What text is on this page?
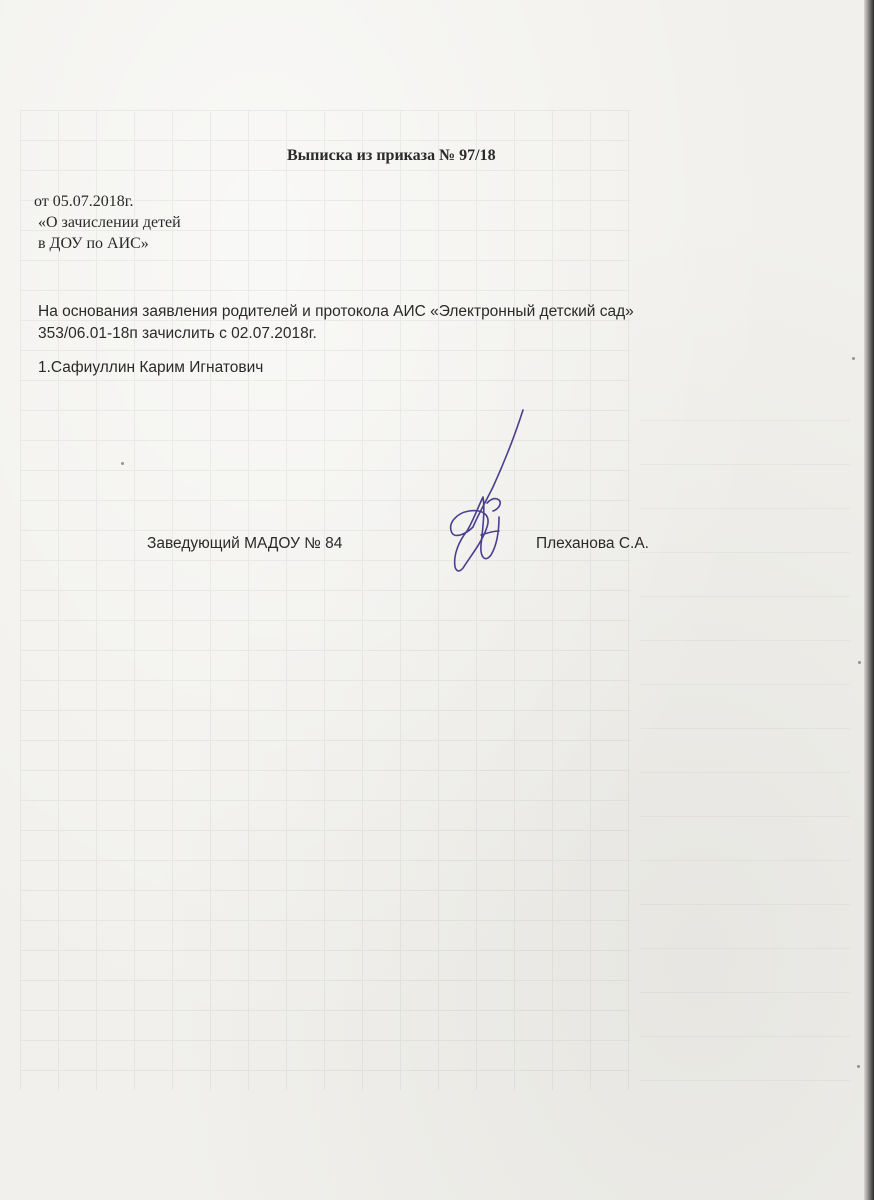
Выписка из приказа № 97/18
от 05.07.2018г.
«О зачислении детей
в ДОУ по АИС»
На основания заявления родителей и протокола АИС «Электронный детский сад»
353/06.01-18п зачислить с 02.07.2018г.
1.Сафиуллин Карим Игнатович
Заведующий МАДОУ № 84	Плеханова С.А.
